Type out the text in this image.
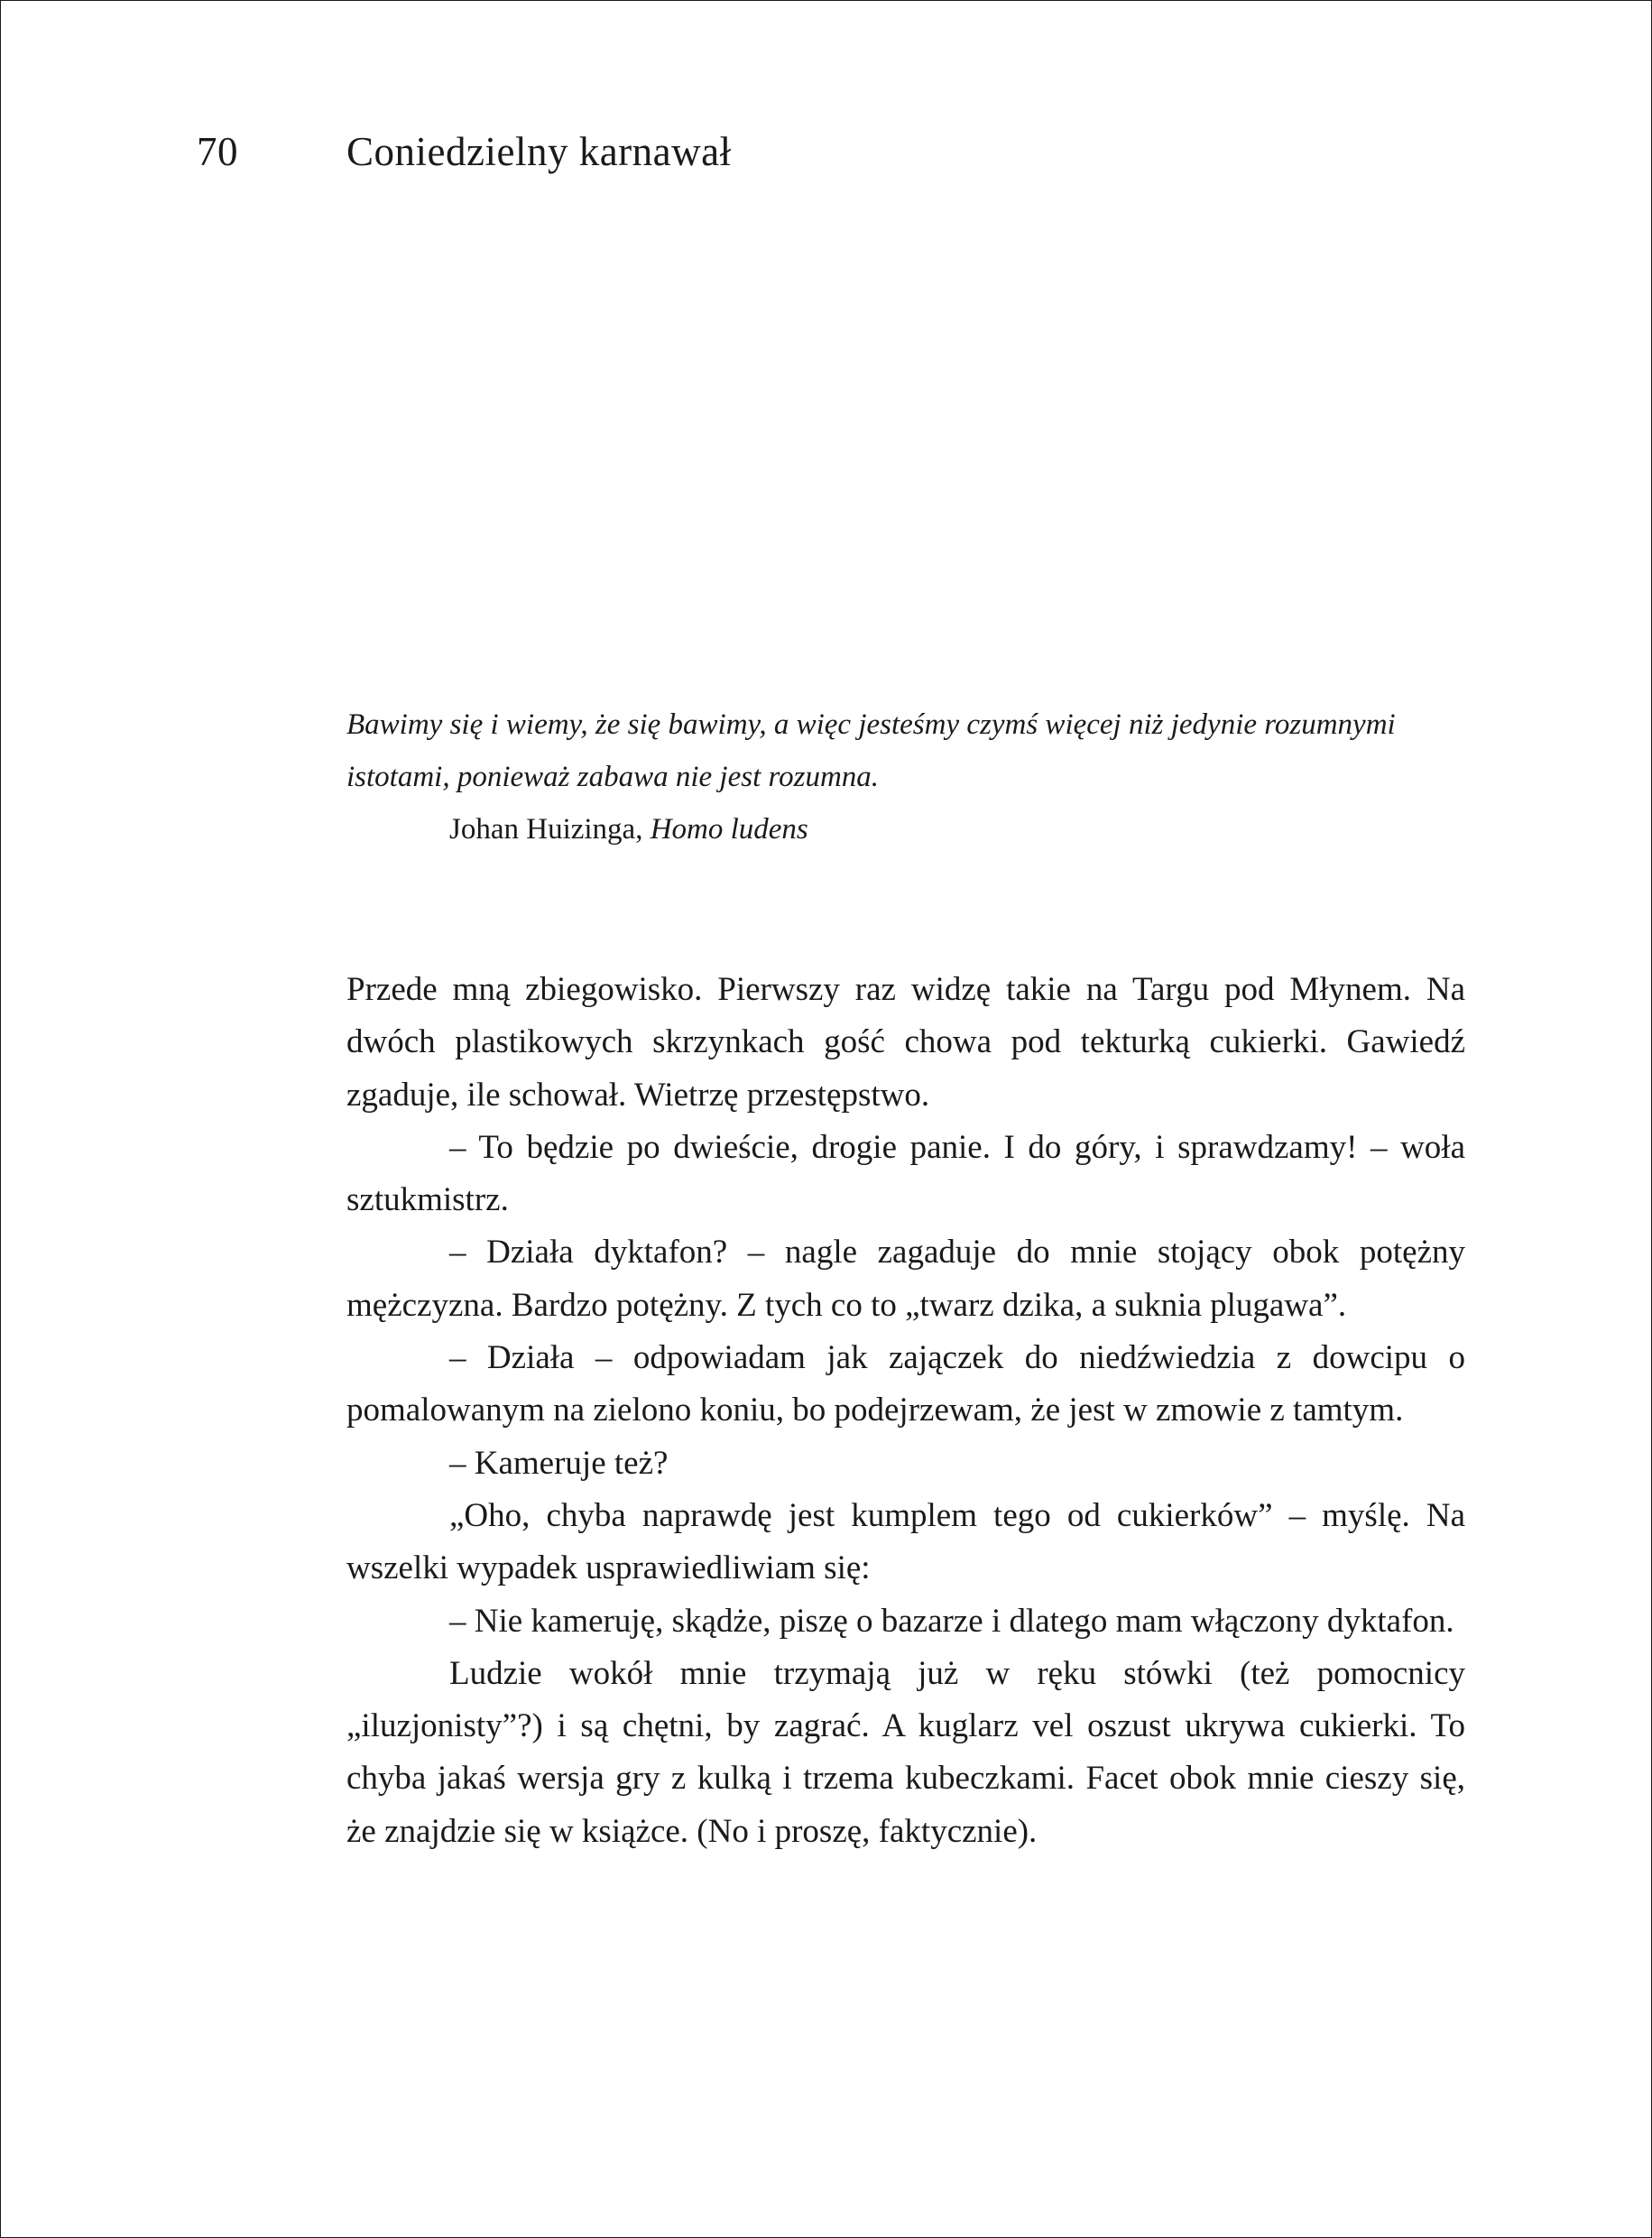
70	Coniedzielny karnawał

Bawimy się i wiemy, że się bawimy, a więc jesteśmy czymś więcej niż jedynie rozumnymi istotami, ponieważ zabawa nie jest rozumna.

Johan Huizinga, Homo ludens

Przede mną zbiegowisko. Pierwszy raz widzę takie na Targu pod Młynem. Na dwóch plastikowych skrzynkach gość chowa pod tekturką cukierki. Gawiedź zgaduje, ile schował. Wietrzę przestępstwo.

– To będzie po dwieście, drogie panie. I do góry, i sprawdzamy! – woła sztukmistrz.

– Działa dyktafon? – nagle zagaduje do mnie stojący obok potężny mężczyzna. Bardzo potężny. Z tych co to „twarz dzika, a suknia plugawa”.

– Działa – odpowiadam jak zajączek do niedźwiedzia z dowcipu o pomalowanym na zielono koniu, bo podejrzewam, że jest w zmowie z tamtym.

– Kameruje też?

„Oho, chyba naprawdę jest kumplem tego od cukierków” – myślę. Na wszelki wypadek usprawiedliwiam się:

– Nie kameruję, skądże, piszę o bazarze i dlatego mam włączony dyktafon.

Ludzie wokół mnie trzymają już w ręku stówki (też pomocnicy „iluzjonisty”?) i są chętni, by zagrać. A kuglarz vel oszust ukrywa cukierki. To chyba jakaś wersja gry z kulką i trzema kubeczkami. Facet obok mnie cieszy się, że znajdzie się w książce. (No i proszę, faktycznie).
